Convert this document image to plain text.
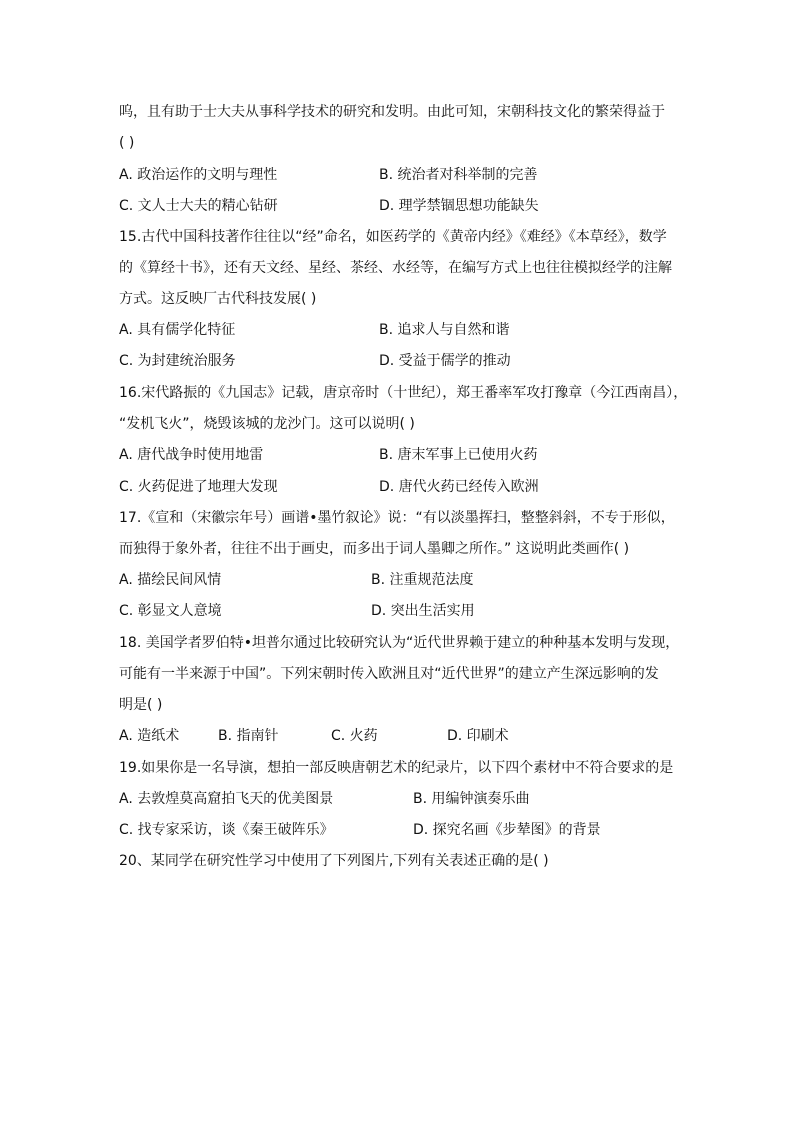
呜，且有助于士大夫从事科学技术的研究和发明。由此可知，宋朝科技文化的繁荣得益于
( )
A. 政治运作的文明与理性	B. 统治者对科举制的完善
C. 文人士大夫的精心钻研	D. 理学禁锢思想功能缺失
15.古代中国科技著作往往以“经”命名，如医药学的《黄帝内经》《难经》《本草经》，数学
的《算经十书》，还有天文经、星经、茶经、水经等，在编写方式上也往往模拟经学的注解
方式。这反映厂古代科技发展( )
A. 具有儒学化特征	B. 追求人与自然和谐
C. 为封建统治服务	D. 受益于儒学的推动
16.宋代路振的《九国志》记载，唐京帝时（十世纪），郑王番率军攻打豫章（今江西南昌），
“发机飞火”，烧毁该城的龙沙门。这可以说明( )
A. 唐代战争时使用地雷	B. 唐末军事上已使用火药
C. 火药促进了地理大发现	D. 唐代火药已经传入欧洲
17.《宣和（宋徽宗年号）画谱•墨竹叙论》说：“有以淡墨挥扫，整整斜斜，不专于形似，
而独得于象外者，往往不出于画史，而多出于词人墨卿之所作。” 这说明此类画作( )
A. 描绘民间风情	B. 注重规范法度
C. 彰显文人意境	D. 突出生活实用
18. 美国学者罗伯特•坦普尔通过比较研究认为“近代世界赖于建立的种种基本发明与发现，
可能有一半来源于中国”。下列宋朝时传入欧洲且对“近代世界”的建立产生深远影响的发
明是( )
A. 造纸术	B. 指南针	C. 火药	D. 印刷术
19.如果你是一名导演，想拍一部反映唐朝艺术的纪录片，以下四个素材中不符合要求的是
A. 去敦煌莫高窟拍飞天的优美图景	B. 用编钟演奏乐曲
C. 找专家采访，谈《秦王破阵乐》	D. 探究名画《步辇图》的背景
20、某同学在研究性学习中使用了下列图片,下列有关表述正确的是( )
